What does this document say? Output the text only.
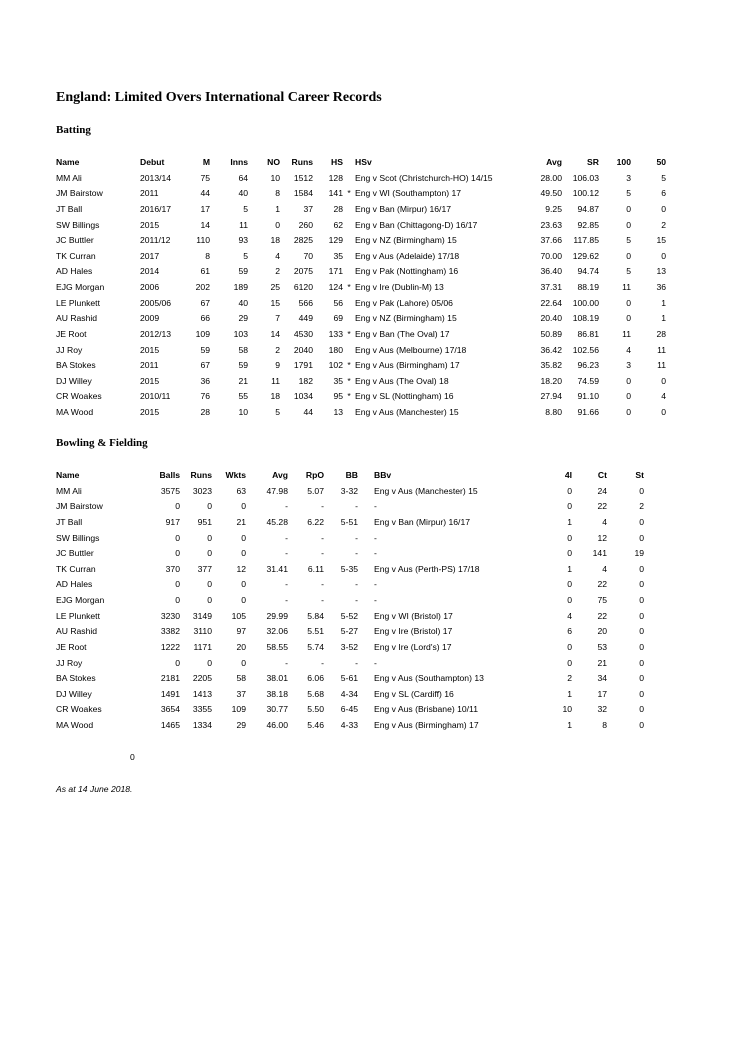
England: Limited Overs International Career Records
Batting
Name	Debut	M	Inns	NO	Runs	HS		HSv	Avg	SR	100	50
MM Ali	2013/14	75	64	10	1512	128		Eng v Scot (Christchurch-HO) 14/15	28.00	106.03	3	5
JM Bairstow	2011	44	40	8	1584	141	*	Eng v WI (Southampton) 17	49.50	100.12	5	6
JT Ball	2016/17	17	5	1	37	28		Eng v Ban (Mirpur) 16/17	9.25	94.87	0	0
SW Billings	2015	14	11	0	260	62		Eng v Ban (Chittagong-D) 16/17	23.63	92.85	0	2
JC Buttler	2011/12	110	93	18	2825	129		Eng v NZ (Birmingham) 15	37.66	117.85	5	15
TK Curran	2017	8	5	4	70	35		Eng v Aus (Adelaide) 17/18	70.00	129.62	0	0
AD Hales	2014	61	59	2	2075	171		Eng v Pak (Nottingham) 16	36.40	94.74	5	13
EJG Morgan	2006	202	189	25	6120	124	*	Eng v Ire (Dublin-M) 13	37.31	88.19	11	36
LE Plunkett	2005/06	67	40	15	566	56		Eng v Pak (Lahore) 05/06	22.64	100.00	0	1
AU Rashid	2009	66	29	7	449	69		Eng v NZ (Birmingham) 15	20.40	108.19	0	1
JE Root	2012/13	109	103	14	4530	133	*	Eng v Ban (The Oval) 17	50.89	86.81	11	28
JJ Roy	2015	59	58	2	2040	180		Eng v Aus (Melbourne) 17/18	36.42	102.56	4	11
BA Stokes	2011	67	59	9	1791	102	*	Eng v Aus (Birmingham) 17	35.82	96.23	3	11
DJ Willey	2015	36	21	11	182	35	*	Eng v Aus (The Oval) 18	18.20	74.59	0	0
CR Woakes	2010/11	76	55	18	1034	95	*	Eng v SL (Nottingham) 16	27.94	91.10	0	4
MA Wood	2015	28	10	5	44	13		Eng v Aus (Manchester) 15	8.80	91.66	0	0
Bowling & Fielding
Name	Balls	Runs	Wkts	Avg	RpO	BB		BBv	4I	Ct	St
MM Ali	3575	3023	63	47.98	5.07	3-32		Eng v Aus (Manchester) 15	0	24	0
JM Bairstow	0	0	0	-	-	-		-	0	22	2
JT Ball	917	951	21	45.28	6.22	5-51		Eng v Ban (Mirpur) 16/17	1	4	0
SW Billings	0	0	0	-	-	-		-	0	12	0
JC Buttler	0	0	0	-	-	-		-	0	141	19
TK Curran	370	377	12	31.41	6.11	5-35		Eng v Aus (Perth-PS) 17/18	1	4	0
AD Hales	0	0	0	-	-	-		-	0	22	0
EJG Morgan	0	0	0	-	-	-		-	0	75	0
LE Plunkett	3230	3149	105	29.99	5.84	5-52		Eng v WI (Bristol) 17	4	22	0
AU Rashid	3382	3110	97	32.06	5.51	5-27		Eng v Ire (Bristol) 17	6	20	0
JE Root	1222	1171	20	58.55	5.74	3-52		Eng v Ire (Lord's) 17	0	53	0
JJ Roy	0	0	0	-	-	-		-	0	21	0
BA Stokes	2181	2205	58	38.01	6.06	5-61		Eng v Aus (Southampton) 13	2	34	0
DJ Willey	1491	1413	37	38.18	5.68	4-34		Eng v SL (Cardiff) 16	1	17	0
CR Woakes	3654	3355	109	30.77	5.50	6-45		Eng v Aus (Brisbane) 10/11	10	32	0
MA Wood	1465	1334	29	46.00	5.46	4-33		Eng v Aus (Birmingham) 17	1	8	0
0
As at 14 June 2018.
